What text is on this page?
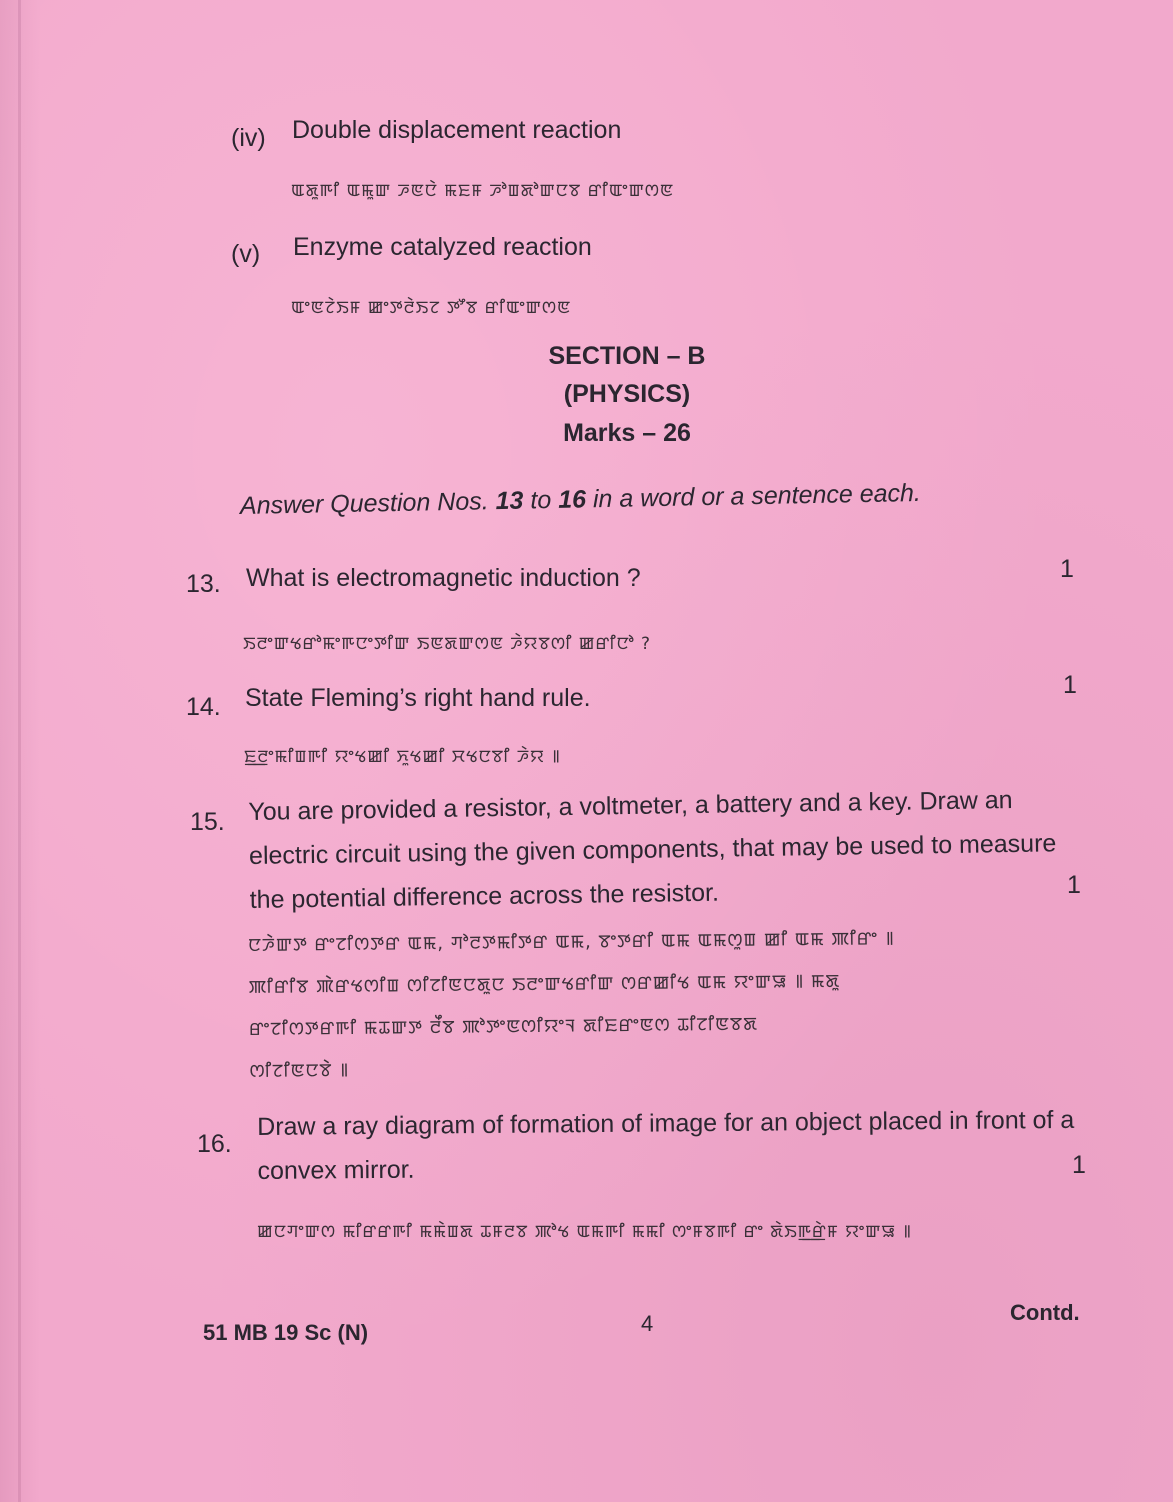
(iv) Double displacement reaction
ꯑꯗꯨꯒꯤ ꯑꯃꯨꯛ ꯍꯟꯅꯥ ꯃꯐꯝ ꯍꯣꯡꯗꯣꯛꯅꯕ ꯔꯤꯑꯦꯛꯁꯟ
(v) Enzyme catalyzed reaction
ꯑꯦꯟꯖꯥꯏꯝ ꯀꯦꯇꯂꯥꯏꯖ ꯇꯧꯕ ꯔꯤꯑꯦꯛꯁꯟ
SECTION – B
(PHYSICS)
Marks – 26
Answer Question Nos. 13 to 16 in a word or a sentence each.
13. What is electromagnetic induction ?	1
ꯏꯂꯦꯛꯠꯔꯣꯃꯦꯒꯅꯦꯇꯤꯛ ꯏꯟꯗꯛꯁꯟ ꯍꯥꯌꯕꯁꯤ ꯀꯔꯤꯅꯣ ?
14. State Fleming’s right hand rule.	1
ꯐ꯭ꯂꯦꯃꯤꯡꯒꯤ ꯌꯦꯠꯀꯤ ꯈꯨꯠꯀꯤ ꯆꯠꯅꯕꯤ ꯍꯥꯌ ꯫
15. You are provided a resistor, a voltmeter, a battery and a key. Draw an
electric circuit using the given components, that may be used to measure
the potential difference across the resistor.	1
ꯅꯍꯥꯛꯇ ꯔꯦꯖꯤꯁꯇꯔ ꯑꯃ, ꯚꯣꯂꯇꯃꯤꯇꯔ ꯑꯃ, ꯕꯦꯇꯔꯤ ꯑꯃ ꯑꯃꯁꯨꯡ ꯀꯤ ꯑꯃ ꯄꯤꯔꯦ ꯫
ꯄꯤꯔꯤꯕ ꯄꯥꯔꯠꯁꯤꯡ ꯁꯤꯖꯤꯟꯅꯗꯨꯅ ꯏꯂꯦꯛꯠꯔꯤꯛ ꯁꯔꯀꯤꯠ ꯑꯃ ꯌꯦꯛꯎ ꯫ ꯃꯗꯨ
ꯔꯦꯖꯤꯁꯇꯔꯒꯤ ꯃꯊꯛꯇ ꯂꯩꯕ ꯄꯣꯇꯦꯟꯁꯤꯌꯦꯜ ꯗꯤꯐꯔꯦꯟꯁ ꯊꯤꯖꯤꯟꯕꯗ
ꯁꯤꯖꯤꯟꯅꯕꯥ ꯫
16.
Draw a ray diagram of formation of image for an object placed in front of a
convex mirror.	1
ꯀꯅꯚꯦꯛꯁ ꯃꯤꯔꯔꯒꯤ ꯃꯃꯥꯡꯗ ꯊꯝꯂꯕ ꯄꯣꯠ ꯑꯃꯒꯤ ꯃꯃꯤ ꯁꯦꯝꯕꯒꯤ ꯔꯦ ꯗꯥꯏꯒ꯭ꯔꯥꯝ ꯌꯦꯛꯎ ꯫
51 MB 19 Sc (N)	4	Contd.
